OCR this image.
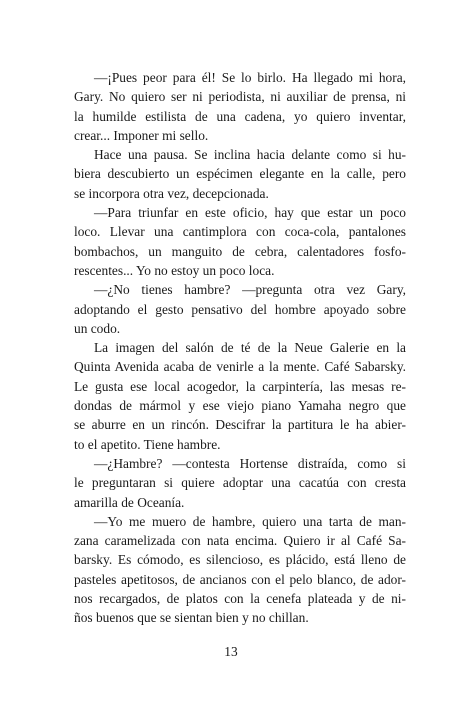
—¡Pues peor para él! Se lo birlo. Ha llegado mi hora,
Gary. No quiero ser ni periodista, ni auxiliar de prensa, ni
la humilde estilista de una cadena, yo quiero inventar,
crear... Imponer mi sello.
Hace una pausa. Se inclina hacia delante como si hu-
biera descubierto un espécimen elegante en la calle, pero
se incorpora otra vez, decepcionada.
—Para triunfar en este oficio, hay que estar un poco
loco. Llevar una cantimplora con coca-cola, pantalones
bombachos, un manguito de cebra, calentadores fosfo-
rescentes... Yo no estoy un poco loca.
—¿No tienes hambre? —pregunta otra vez Gary,
adoptando el gesto pensativo del hombre apoyado sobre
un codo.
La imagen del salón de té de la Neue Galerie en la
Quinta Avenida acaba de venirle a la mente. Café Sabarsky.
Le gusta ese local acogedor, la carpintería, las mesas re-
dondas de mármol y ese viejo piano Yamaha negro que
se aburre en un rincón. Descifrar la partitura le ha abier-
to el apetito. Tiene hambre.
—¿Hambre? —contesta Hortense distraída, como si
le preguntaran si quiere adoptar una cacatúa con cresta
amarilla de Oceanía.
—Yo me muero de hambre, quiero una tarta de man-
zana caramelizada con nata encima. Quiero ir al Café Sa-
barsky. Es cómodo, es silencioso, es plácido, está lleno de
pasteles apetitosos, de ancianos con el pelo blanco, de ador-
nos recargados, de platos con la cenefa plateada y de ni-
ños buenos que se sientan bien y no chillan.
13
